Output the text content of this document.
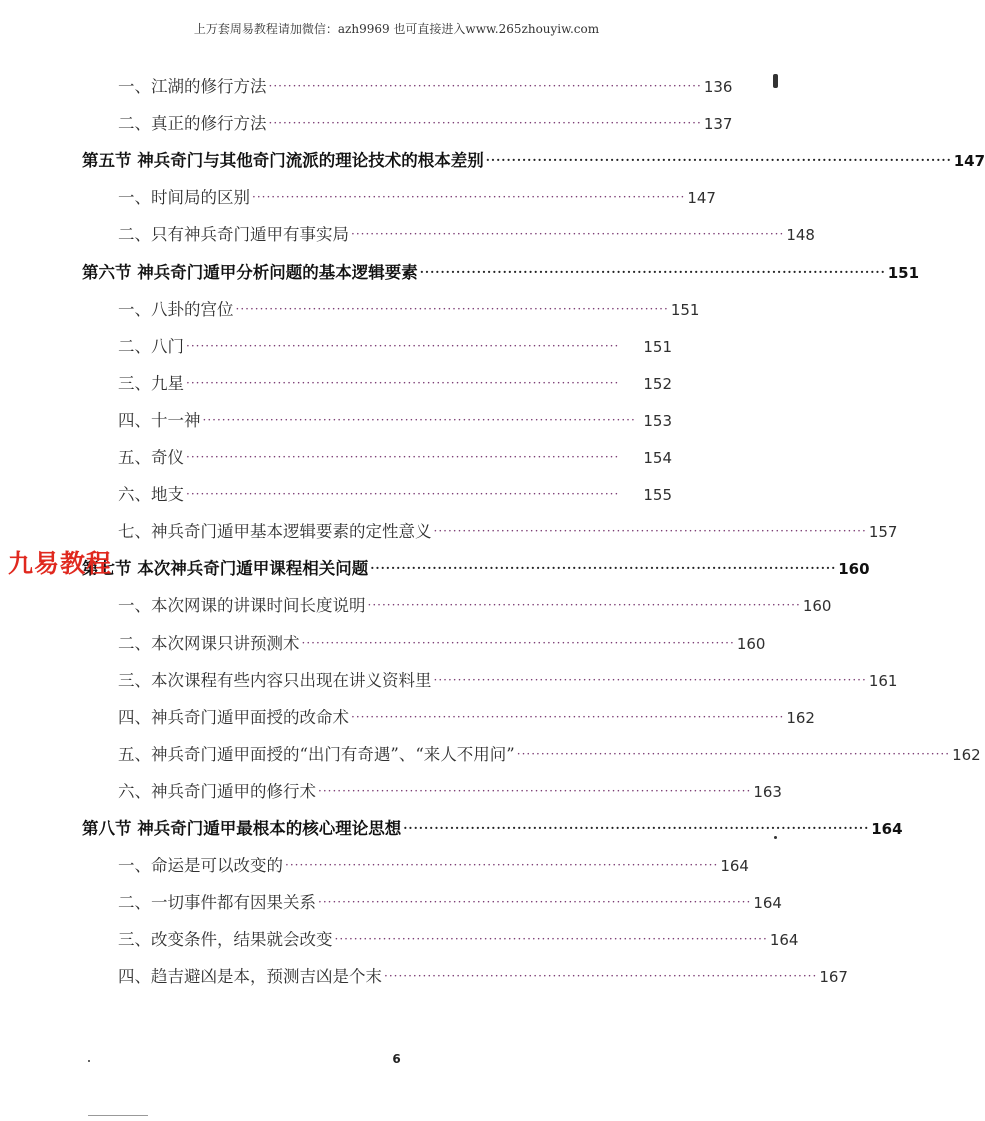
上万套周易教程请加微信：azh9969 也可直接进入www.265zhouyiw.com
一、江湖的修行方法 ·························································································· 136
二、真正的修行方法 ·························································································· 137
第五节 神兵奇门与其他奇门流派的理论技术的根本差别 ·························································································· 147
一、时间局的区别 ·························································································· 147
二、只有神兵奇门遁甲有事实局 ·························································································· 148
第六节 神兵奇门遁甲分析问题的基本逻辑要素 ·························································································· 151
一、八卦的宫位 ·························································································· 151
二、八门 ··························································································	151
三、九星 ··························································································	152
四、十一神 ·························································································· 153
五、奇仪 ··························································································	154
六、地支 ··························································································	155
七、神兵奇门遁甲基本逻辑要素的定性意义 ·························································································· 157
第七节 本次神兵奇门遁甲课程相关问题 ·························································································· 160
一、本次网课的讲课时间长度说明 ·························································································· 160
二、本次网课只讲预测术 ·························································································· 160
三、本次课程有些内容只出现在讲义资料里 ·························································································· 161
四、神兵奇门遁甲面授的改命术 ·························································································· 162
五、神兵奇门遁甲面授的“出门有奇遇”、“来人不用问” ·························································································· 162
六、神兵奇门遁甲的修行术 ·························································································· 163
第八节 神兵奇门遁甲最根本的核心理论思想 ·························································································· 164
一、命运是可以改变的 ·························································································· 164
二、一切事件都有因果关系 ·························································································· 164
三、改变条件，结果就会改变 ·························································································· 164
四、趋吉避凶是本，预测吉凶是个末 ·························································································· 167
九易教程
6
